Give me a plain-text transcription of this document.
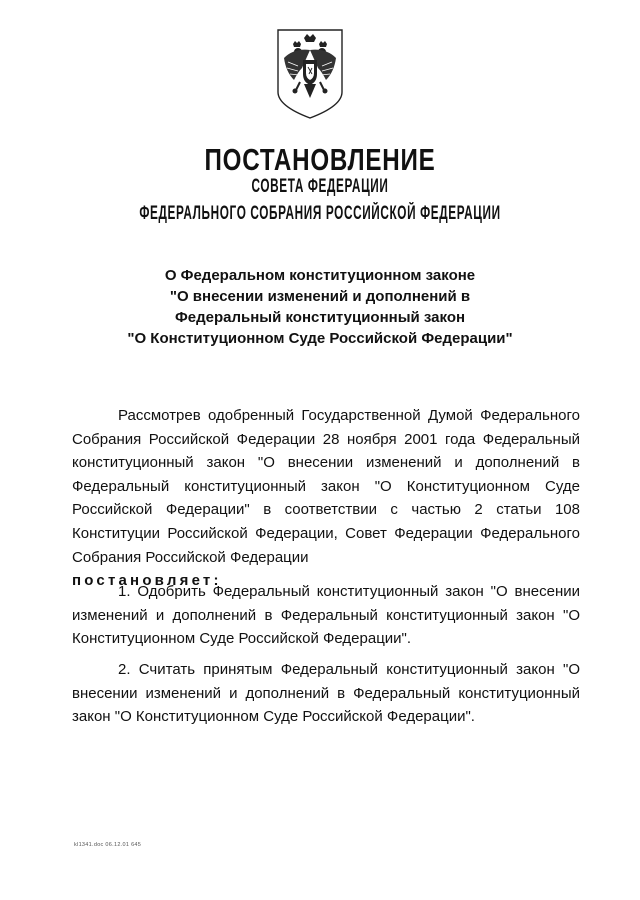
ПОСТАНОВЛЕНИЕ
СОВЕТА ФЕДЕРАЦИИ
ФЕДЕРАЛЬНОГО СОБРАНИЯ РОССИЙСКОЙ ФЕДЕРАЦИИ
О Федеральном конституционном законе
"О внесении изменений и дополнений в
Федеральный конституционный закон
"О Конституционном Суде Российской Федерации"
Рассмотрев одобренный Государственной Думой Федерального Собрания Российской Федерации 28 ноября 2001 года Федеральный конституционный закон "О внесении изменений и дополнений в Федеральный конституционный закон "О Конституционном Суде Российской Федерации" в соответствии с частью 2 статьи 108 Конституции Российской Федерации, Совет Федерации Федерального Собрания Российской Федерации
постановляет:
1. Одобрить Федеральный конституционный закон "О внесении изменений и дополнений в Федеральный конституционный закон "О Конституционном Суде Российской Федерации".
2. Считать принятым Федеральный конституционный закон "О внесении изменений и дополнений в Федеральный конституционный закон "О Конституционном Суде Российской Федерации".
kl1341.doc 06.12.01 645
